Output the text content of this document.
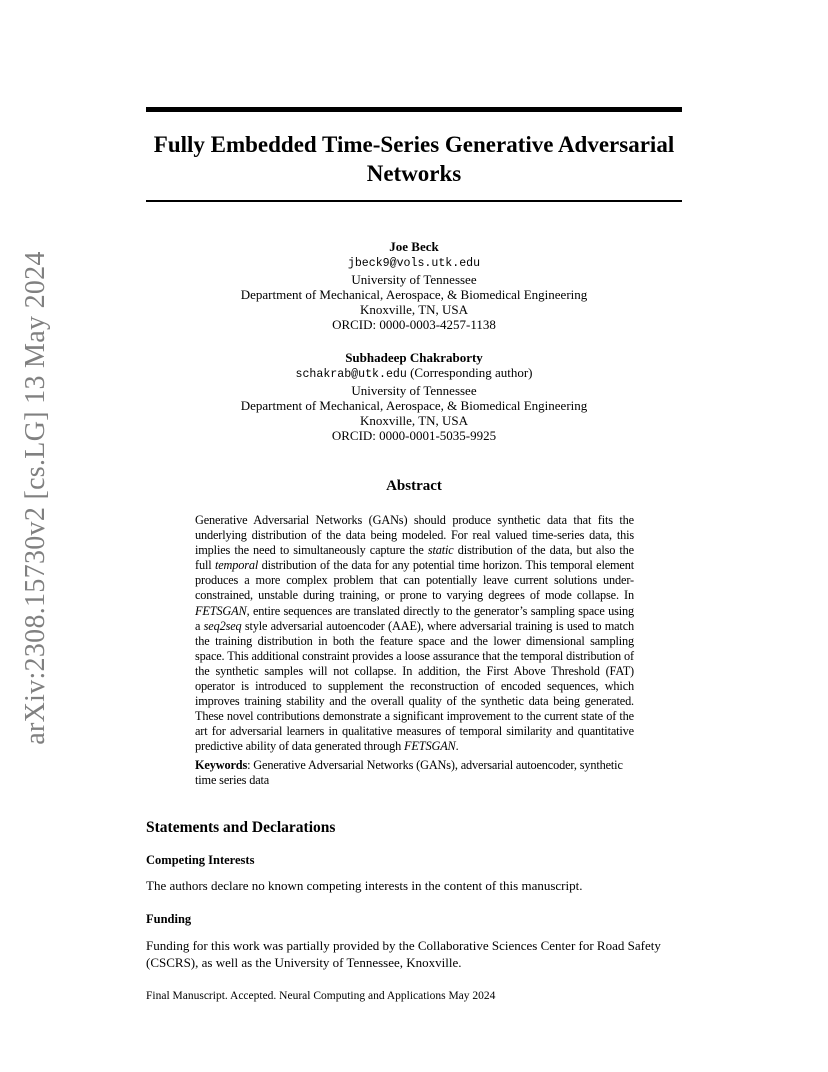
arXiv:2308.15730v2 [cs.LG] 13 May 2024
Fully Embedded Time-Series Generative Adversarial
Networks
Joe Beck
jbeck9@vols.utk.edu
University of Tennessee
Department of Mechanical, Aerospace, & Biomedical Engineering
Knoxville, TN, USA
ORCID: 0000-0003-4257-1138
Subhadeep Chakraborty
schakrab@utk.edu (Corresponding author)
University of Tennessee
Department of Mechanical, Aerospace, & Biomedical Engineering
Knoxville, TN, USA
ORCID: 0000-0001-5035-9925
Abstract

Generative Adversarial Networks (GANs) should produce synthetic data that fits the underlying distribution of the data being modeled. For real valued time-series data, this implies the need to simultaneously capture the static distribution of the data, but also the full temporal distribution of the data for any potential time horizon. This temporal element produces a more complex problem that can potentially leave current solutions under-constrained, unstable during training, or prone to varying degrees of mode collapse. In FETSGAN, entire sequences are translated directly to the generator’s sampling space using a seq2seq style adversarial autoencoder (AAE), where adversarial training is used to match the training distribution in both the feature space and the lower dimensional sampling space. This additional constraint provides a loose assurance that the temporal distribution of the synthetic samples will not collapse. In addition, the First Above Threshold (FAT) operator is introduced to supplement the reconstruction of encoded sequences, which improves training stability and the overall quality of the synthetic data being generated. These novel contributions demonstrate a significant improvement to the current state of the art for adversarial learners in qualitative measures of temporal similarity and quantitative predictive ability of data generated through FETSGAN.

Keywords: Generative Adversarial Networks (GANs), adversarial autoencoder, synthetic time series data

Statements and Declarations
Competing Interests
The authors declare no known competing interests in the content of this manuscript.
Funding
Funding for this work was partially provided by the Collaborative Sciences Center for Road Safety (CSCRS), as well as the University of Tennessee, Knoxville.
Final Manuscript. Accepted. Neural Computing and Applications May 2024
